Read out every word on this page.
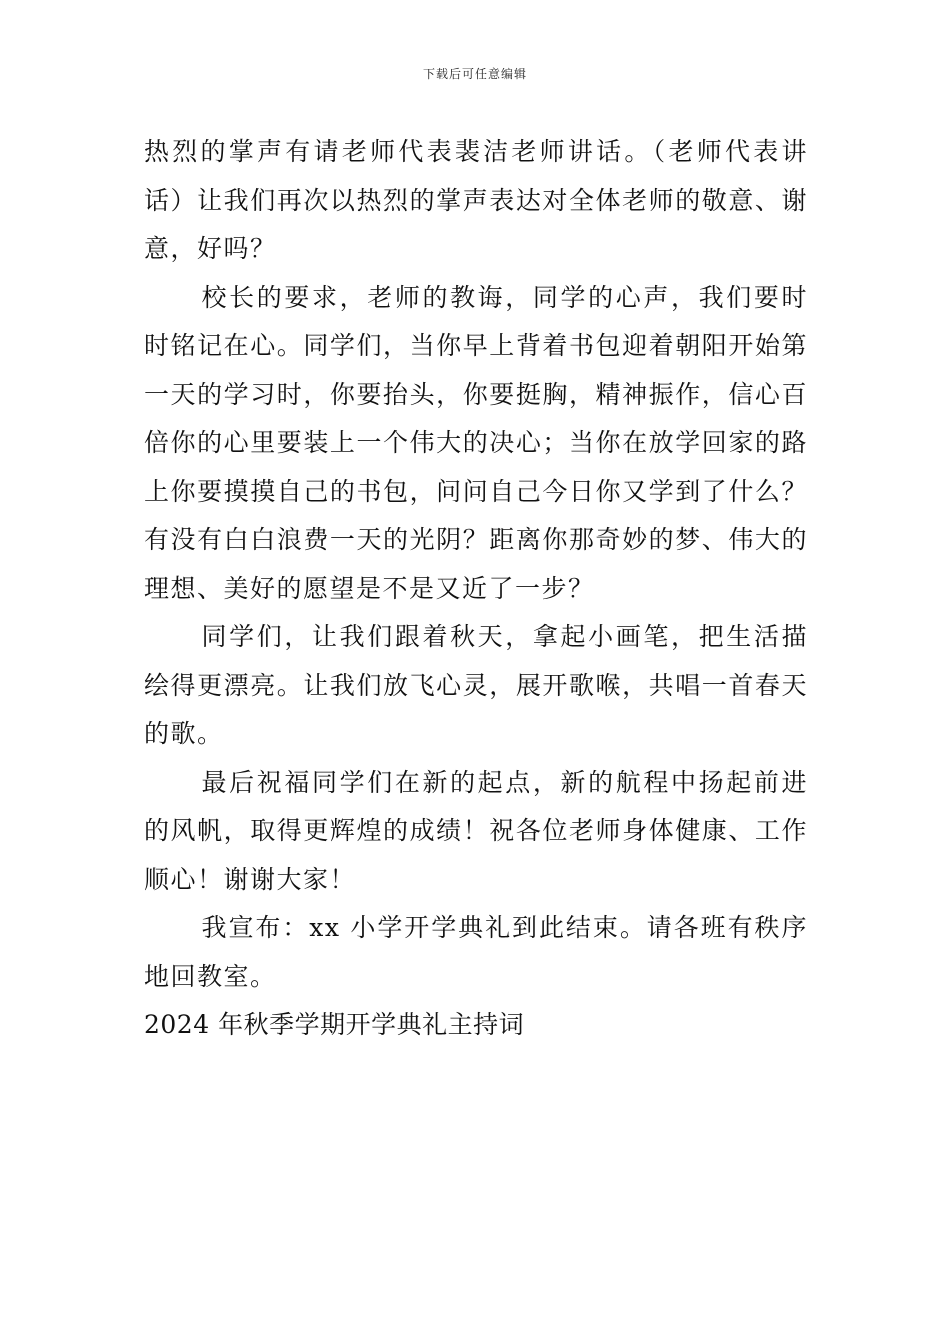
下载后可任意编辑

热烈的掌声有请老师代表裴洁老师讲话。（老师代表讲话）让我们再次以热烈的掌声表达对全体老师的敬意、谢意，好吗？

校长的要求，老师的教诲，同学的心声，我们要时时铭记在心。同学们，当你早上背着书包迎着朝阳开始第一天的学习时，你要抬头，你要挺胸，精神振作，信心百倍你的心里要装上一个伟大的决心；当你在放学回家的路上你要摸摸自己的书包，问问自己今日你又学到了什么？有没有白白浪费一天的光阴？距离你那奇妙的梦、伟大的理想、美好的愿望是不是又近了一步？

同学们，让我们跟着秋天，拿起小画笔，把生活描绘得更漂亮。让我们放飞心灵，展开歌喉，共唱一首春天的歌。

最后祝福同学们在新的起点，新的航程中扬起前进的风帆，取得更辉煌的成绩！祝各位老师身体健康、工作顺心！谢谢大家！

我宣布：xx 小学开学典礼到此结束。请各班有秩序地回教室。

2024 年秋季学期开学典礼主持词
